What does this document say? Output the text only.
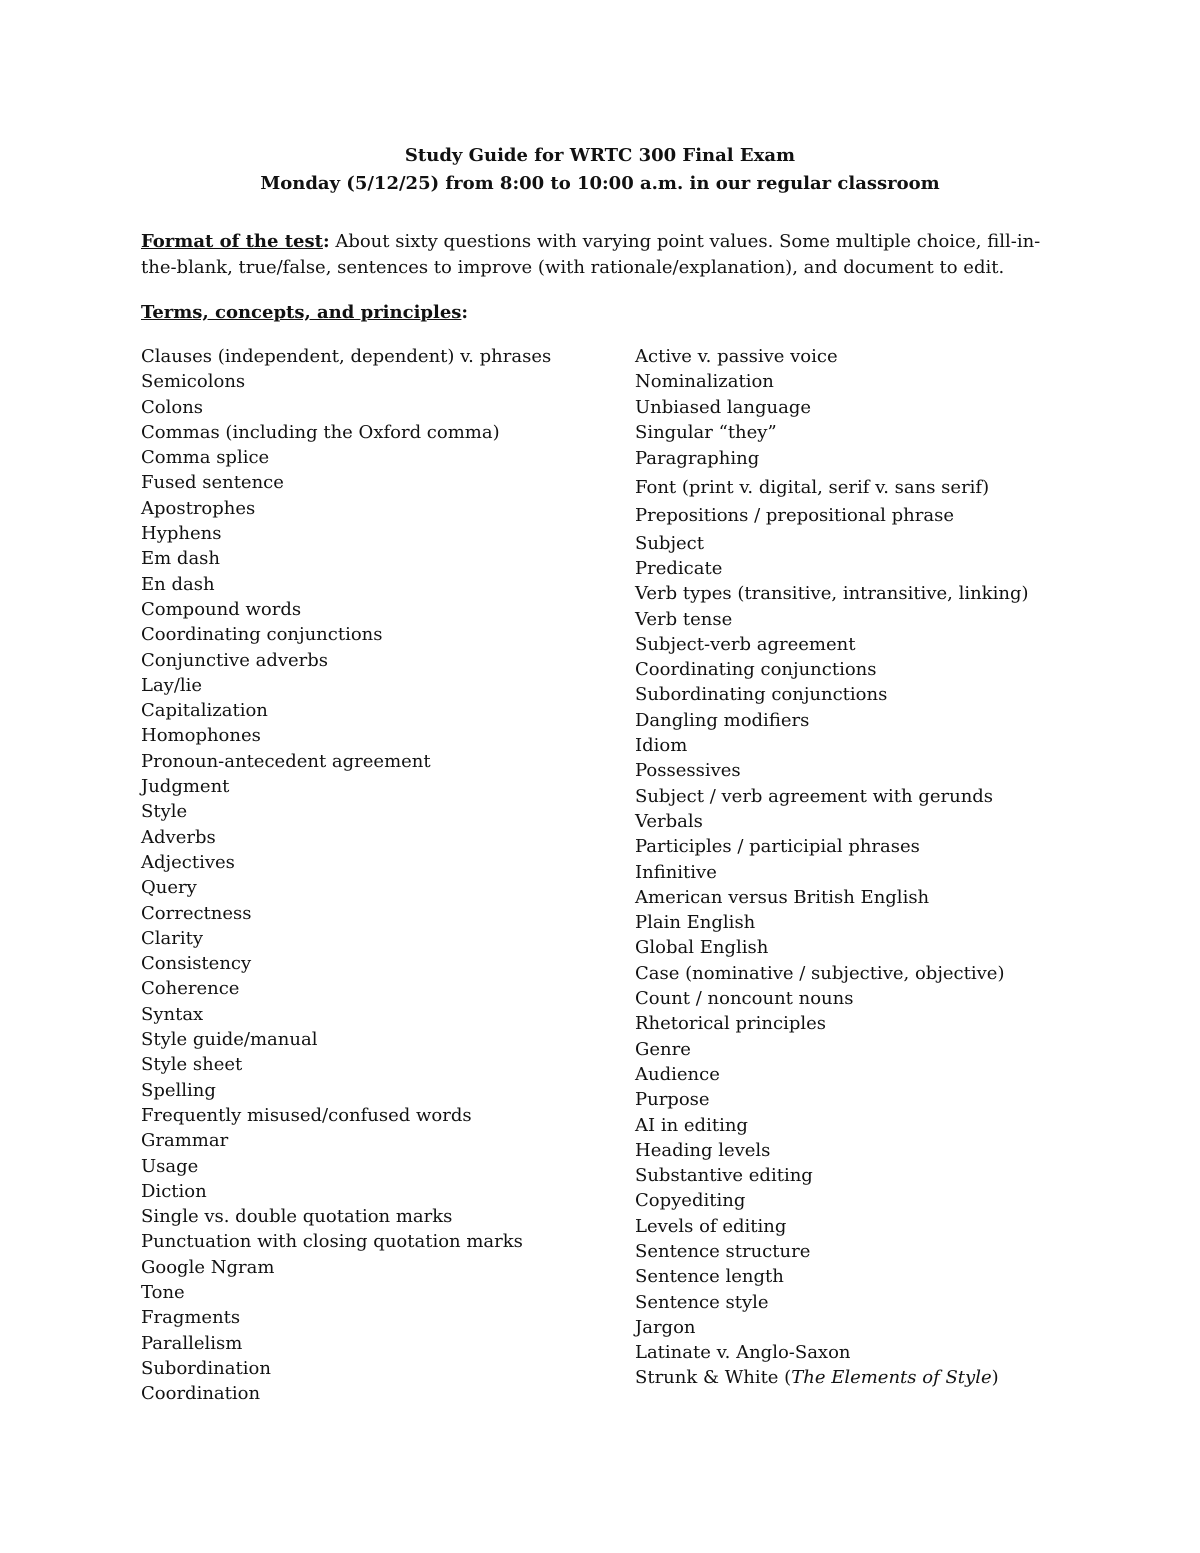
Study Guide for WRTC 300 Final Exam
Monday (5/12/25) from 8:00 to 10:00 a.m. in our regular classroom
Format of the test: About sixty questions with varying point values. Some multiple choice, fill-in-
the-blank, true/false, sentences to improve (with rationale/explanation), and document to edit.
Terms, concepts, and principles:
Clauses (independent, dependent) v. phrases
Semicolons
Colons
Commas (including the Oxford comma)
Comma splice
Fused sentence
Apostrophes
Hyphens
Em dash
En dash
Compound words
Coordinating conjunctions
Conjunctive adverbs
Lay/lie
Capitalization
Homophones
Pronoun-antecedent agreement
Judgment
Style
Adverbs
Adjectives
Query
Correctness
Clarity
Consistency
Coherence
Syntax
Style guide/manual
Style sheet
Spelling
Frequently misused/confused words
Grammar
Usage
Diction
Single vs. double quotation marks
Punctuation with closing quotation marks
Google Ngram
Tone
Fragments
Parallelism
Subordination
Coordination
Active v. passive voice
Nominalization
Unbiased language
Singular “they”
Paragraphing
Font (print v. digital, serif v. sans serif)
Prepositions / prepositional phrase
Subject
Predicate
Verb types (transitive, intransitive, linking)
Verb tense
Subject-verb agreement
Coordinating conjunctions
Subordinating conjunctions
Dangling modifiers
Idiom
Possessives
Subject / verb agreement with gerunds
Verbals
Participles / participial phrases
Infinitive
American versus British English
Plain English
Global English
Case (nominative / subjective, objective)
Count / noncount nouns
Rhetorical principles
Genre
Audience
Purpose
AI in editing
Heading levels
Substantive editing
Copyediting
Levels of editing
Sentence structure
Sentence length
Sentence style
Jargon
Latinate v. Anglo-Saxon
Strunk & White (The Elements of Style)
